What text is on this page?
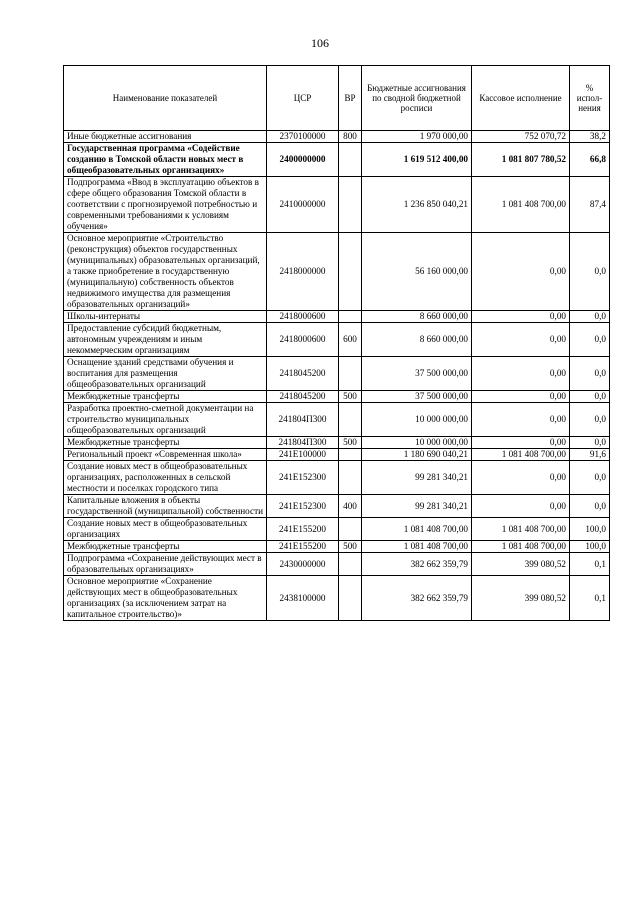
106
Наименование показателей	ЦСР	ВР	Бюджетные ассигнования по сводной бюджетной росписи	Кассовое исполнение	% испол-нения
Иные бюджетные ассигнования	2370100000	800	1 970 000,00	752 070,72	38,2
Государственная программа «Содействие созданию в Томской области новых мест в общеобразовательных организациях»	2400000000		1 619 512 400,00	1 081 807 780,52	66,8
Подпрограмма «Ввод в эксплуатацию объектов в сфере общего образования Томской области в соответствии с прогнозируемой потребностью и современными требованиями к условиям обучения»	2410000000		1 236 850 040,21	1 081 408 700,00	87,4
Основное мероприятие «Строительство (реконструкция) объектов государственных (муниципальных) образовательных организаций, а также приобретение в государственную (муниципальную) собственность объектов недвижимого имущества для размещения образовательных организаций»	2418000000		56 160 000,00	0,00	0,0
Школы-интернаты	2418000600		8 660 000,00	0,00	0,0
Предоставление субсидий бюджетным, автономным учреждениям и иным некоммерческим организациям	2418000600	600	8 660 000,00	0,00	0,0
Оснащение зданий средствами обучения и воспитания для размещения общеобразовательных организаций	2418045200		37 500 000,00	0,00	0,0
Межбюджетные трансферты	2418045200	500	37 500 000,00	0,00	0,0
Разработка проектно-сметной документации на строительство муниципальных общеобразовательных организаций	241804П300		10 000 000,00	0,00	0,0
Межбюджетные трансферты	241804П300	500	10 000 000,00	0,00	0,0
Региональный проект «Современная школа»	241Е100000		1 180 690 040,21	1 081 408 700,00	91,6
Создание новых мест в общеобразовательных организациях, расположенных в сельской местности и поселках городского типа	241Е152300		99 281 340,21	0,00	0,0
Капитальные вложения в объекты государственной (муниципальной) собственности	241Е152300	400	99 281 340,21	0,00	0,0
Создание новых мест в общеобразовательных организациях	241Е155200		1 081 408 700,00	1 081 408 700,00	100,0
Межбюджетные трансферты	241Е155200	500	1 081 408 700,00	1 081 408 700,00	100,0
Подпрограмма «Сохранение действующих мест в образовательных организациях»	2430000000		382 662 359,79	399 080,52	0,1
Основное мероприятие «Сохранение действующих мест в общеобразовательных организациях (за исключением затрат на капитальное строительство)»	2438100000		382 662 359,79	399 080,52	0,1
